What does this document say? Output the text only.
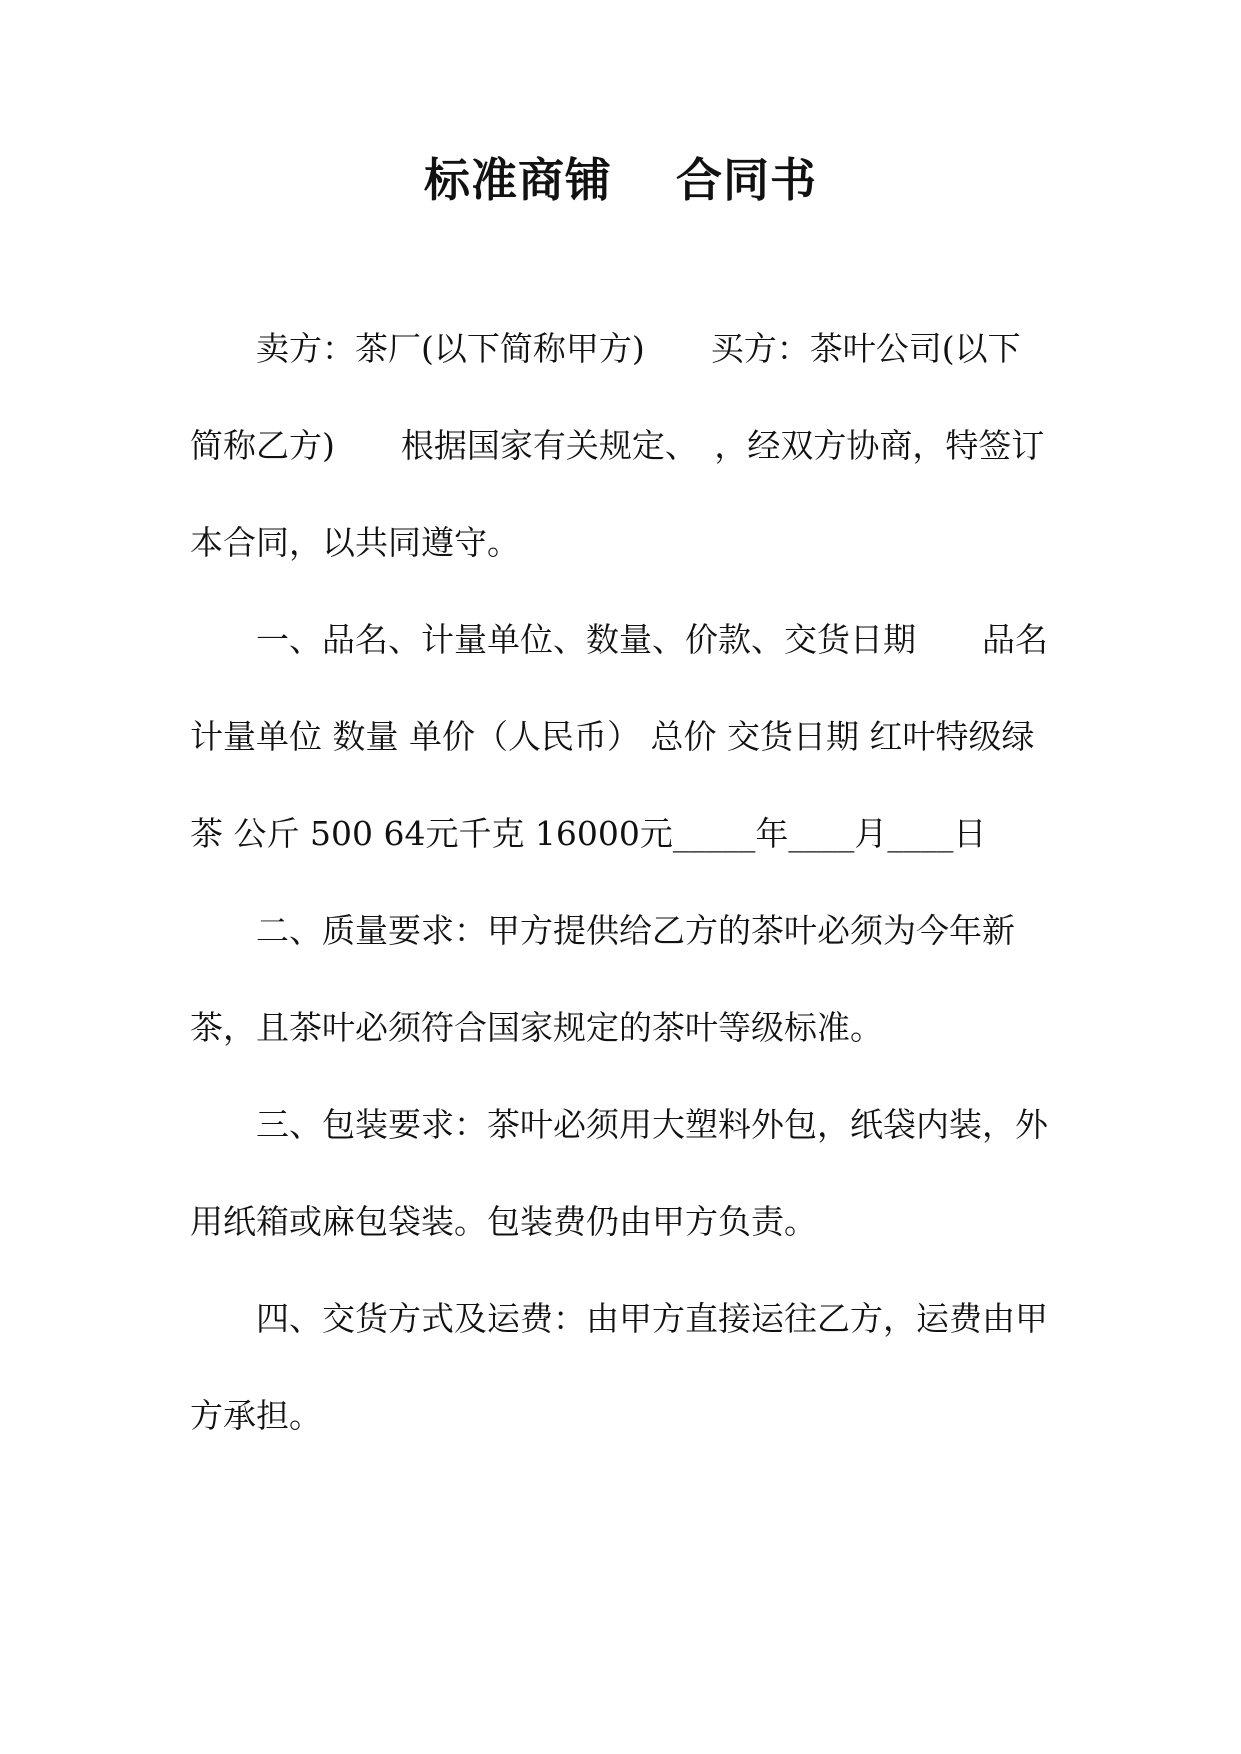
标准商铺　 合同书

卖方：茶厂(以下简称甲方)　　买方：茶叶公司(以下简称乙方)　　根据国家有关规定、　，经双方协商，特签订本合同，以共同遵守。

一、品名、计量单位、数量、价款、交货日期　　品名 计量单位 数量 单价（人民币） 总价 交货日期 红叶特级绿茶 公斤 500 64元千克 16000元_____年____月____日

二、质量要求：甲方提供给乙方的茶叶必须为今年新茶，且茶叶必须符合国家规定的茶叶等级标准。

三、包装要求：茶叶必须用大塑料外包，纸袋内装，外用纸箱或麻包袋装。包装费仍由甲方负责。

四、交货方式及运费：由甲方直接运往乙方，运费由甲方承担。
